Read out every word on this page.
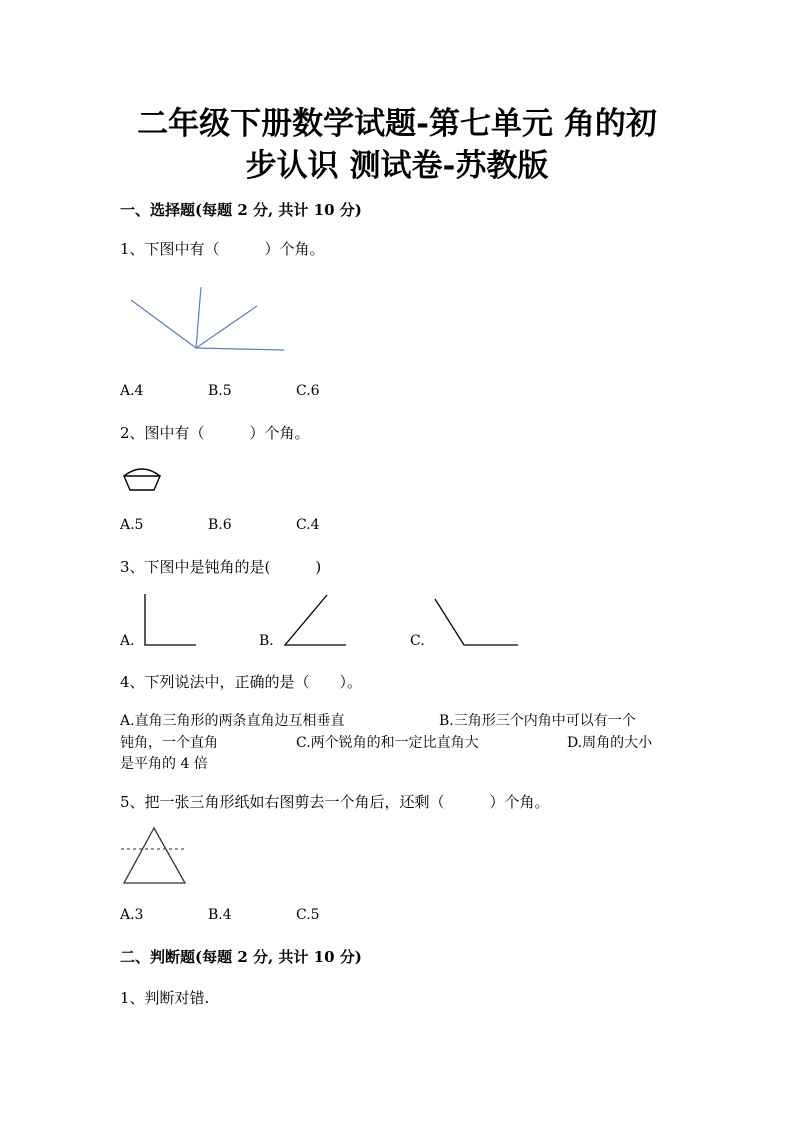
二年级下册数学试题-第七单元 角的初
步认识 测试卷-苏教版
一、选择题(每题 2 分, 共计 10 分)
1、下图中有（　　　）个角。
A.4	B.5	C.6
2、图中有（　　　）个角。
A.5	B.6	C.4
3、下图中是钝角的是(　　　)
A.	B.	C.
4、下列说法中，正确的是（　　）。
A.直角三角形的两条直角边互相垂直	B.三角形三个内角中可以有一个
钝角，一个直角	C.两个锐角的和一定比直角大	D.周角的大小
是平角的 4 倍
5、把一张三角形纸如右图剪去一个角后，还剩（　　　）个角。
A.3	B.4	C.5
二、判断题(每题 2 分, 共计 10 分)
1、判断对错.
